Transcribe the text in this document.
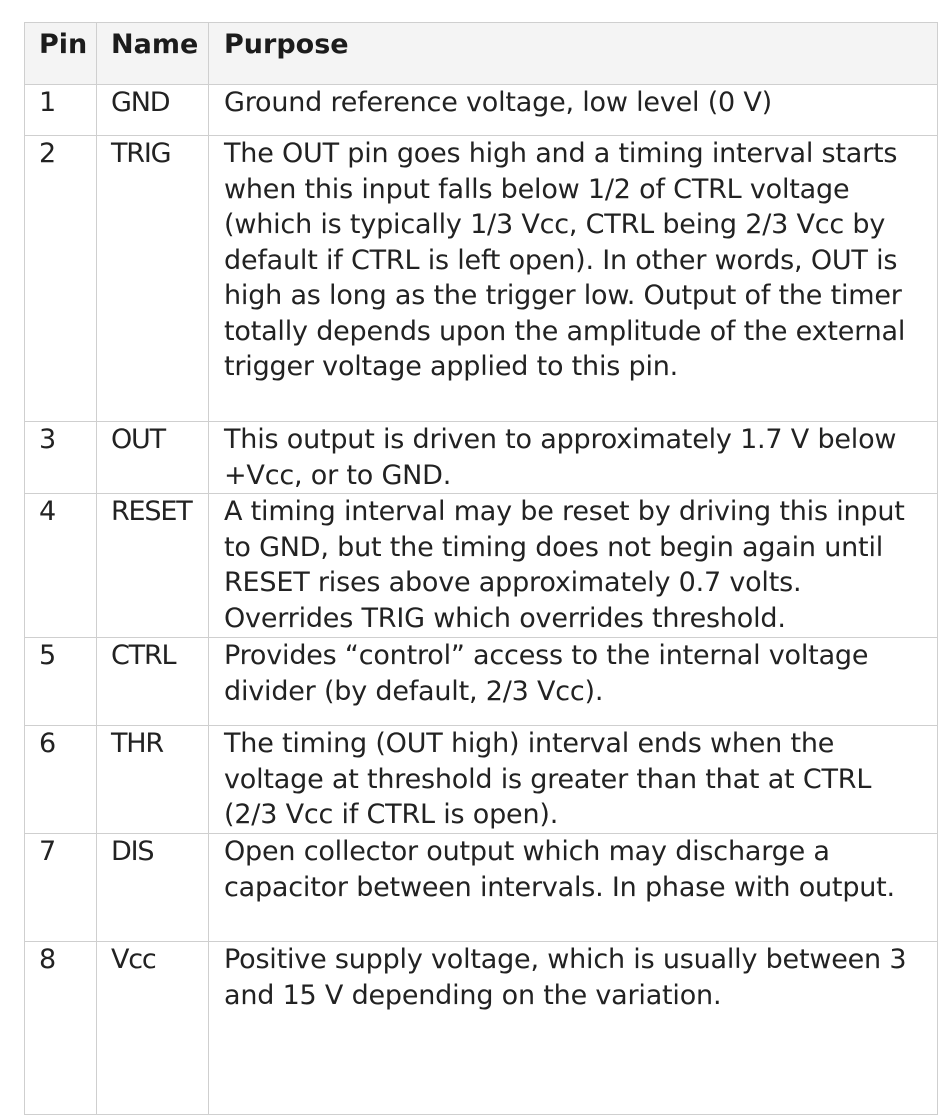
Pin	Name	Purpose
1	GND	Ground reference voltage, low level (0 V)
2	TRIG	The OUT pin goes high and a timing interval starts when this input falls below 1/2 of CTRL voltage (which is typically 1/3 Vcc, CTRL being 2/3 Vcc by default if CTRL is left open). In other words, OUT is high as long as the trigger low. Output of the timer totally depends upon the amplitude of the external trigger voltage applied to this pin.
3	OUT	This output is driven to approximately 1.7 V below +Vcc, or to GND.
4	RESET	A timing interval may be reset by driving this input to GND, but the timing does not begin again until RESET rises above approximately 0.7 volts. Overrides TRIG which overrides threshold.
5	CTRL	Provides “control” access to the internal voltage divider (by default, 2/3 Vcc).
6	THR	The timing (OUT high) interval ends when the voltage at threshold is greater than that at CTRL (2/3 Vcc if CTRL is open).
7	DIS	Open collector output which may discharge a capacitor between intervals. In phase with output.
8	Vcc	Positive supply voltage, which is usually between 3 and 15 V depending on the variation.
